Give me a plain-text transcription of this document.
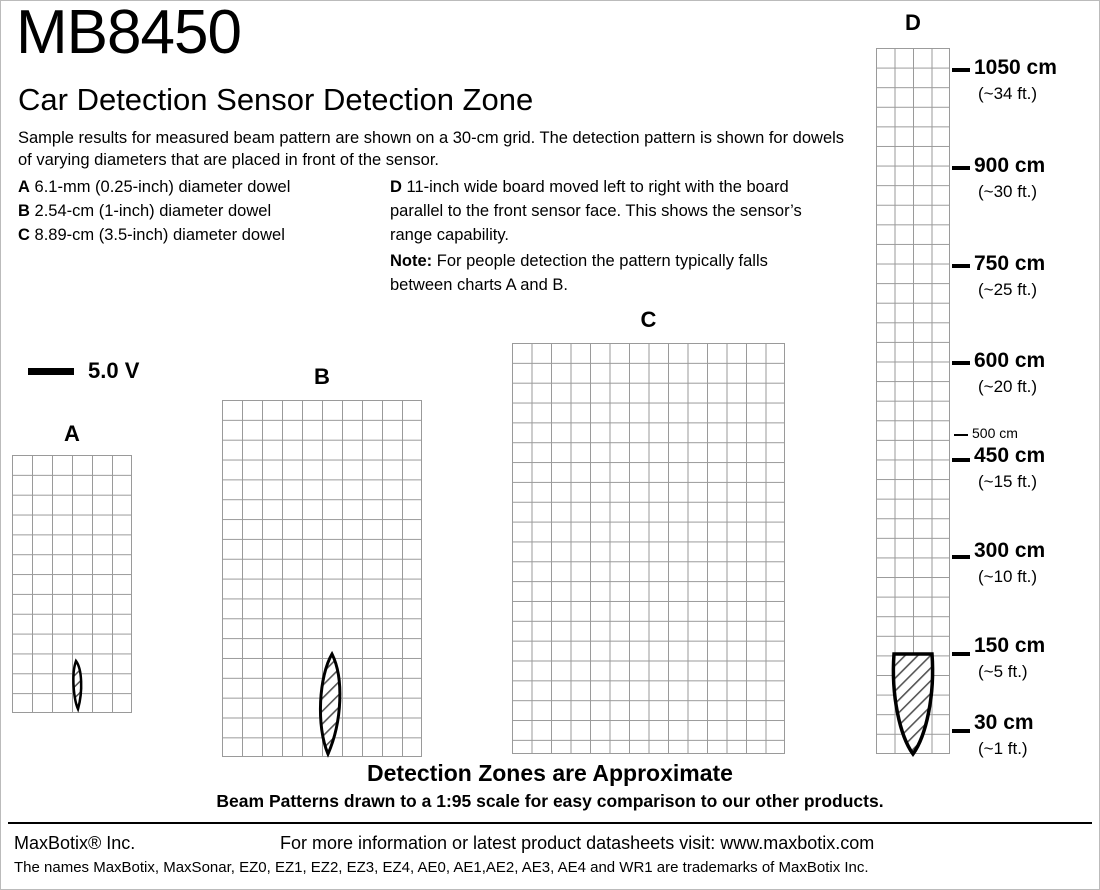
MB8450
Car Detection Sensor Detection Zone
Sample results for measured beam pattern are shown on a 30-cm grid. The detection pattern is shown for dowels of varying diameters that are placed in front of the sensor.
A 6.1-mm (0.25-inch) diameter dowel
B 2.54-cm (1-inch) diameter dowel
C 8.89-cm (3.5-inch) diameter dowel
D 11-inch wide board moved left to right with the board parallel to the front sensor face. This shows the sensor’s range capability.
Note: For people detection the pattern typically falls between charts A and B.
5.0 V
A
B
C
D
1050 cm
(~34 ft.)
900 cm
(~30 ft.)
750 cm
(~25 ft.)
600 cm
(~20 ft.)
500 cm
450 cm
(~15 ft.)
300 cm
(~10 ft.)
150 cm
(~5 ft.)
30 cm
(~1 ft.)
Detection Zones are Approximate
Beam Patterns drawn to a 1:95 scale for easy comparison to our other products.
MaxBotix® Inc.	For more information or latest product datasheets visit: www.maxbotix.com
The names MaxBotix, MaxSonar, EZ0, EZ1, EZ2, EZ3, EZ4, AE0, AE1,AE2, AE3, AE4 and WR1 are trademarks of MaxBotix Inc.
